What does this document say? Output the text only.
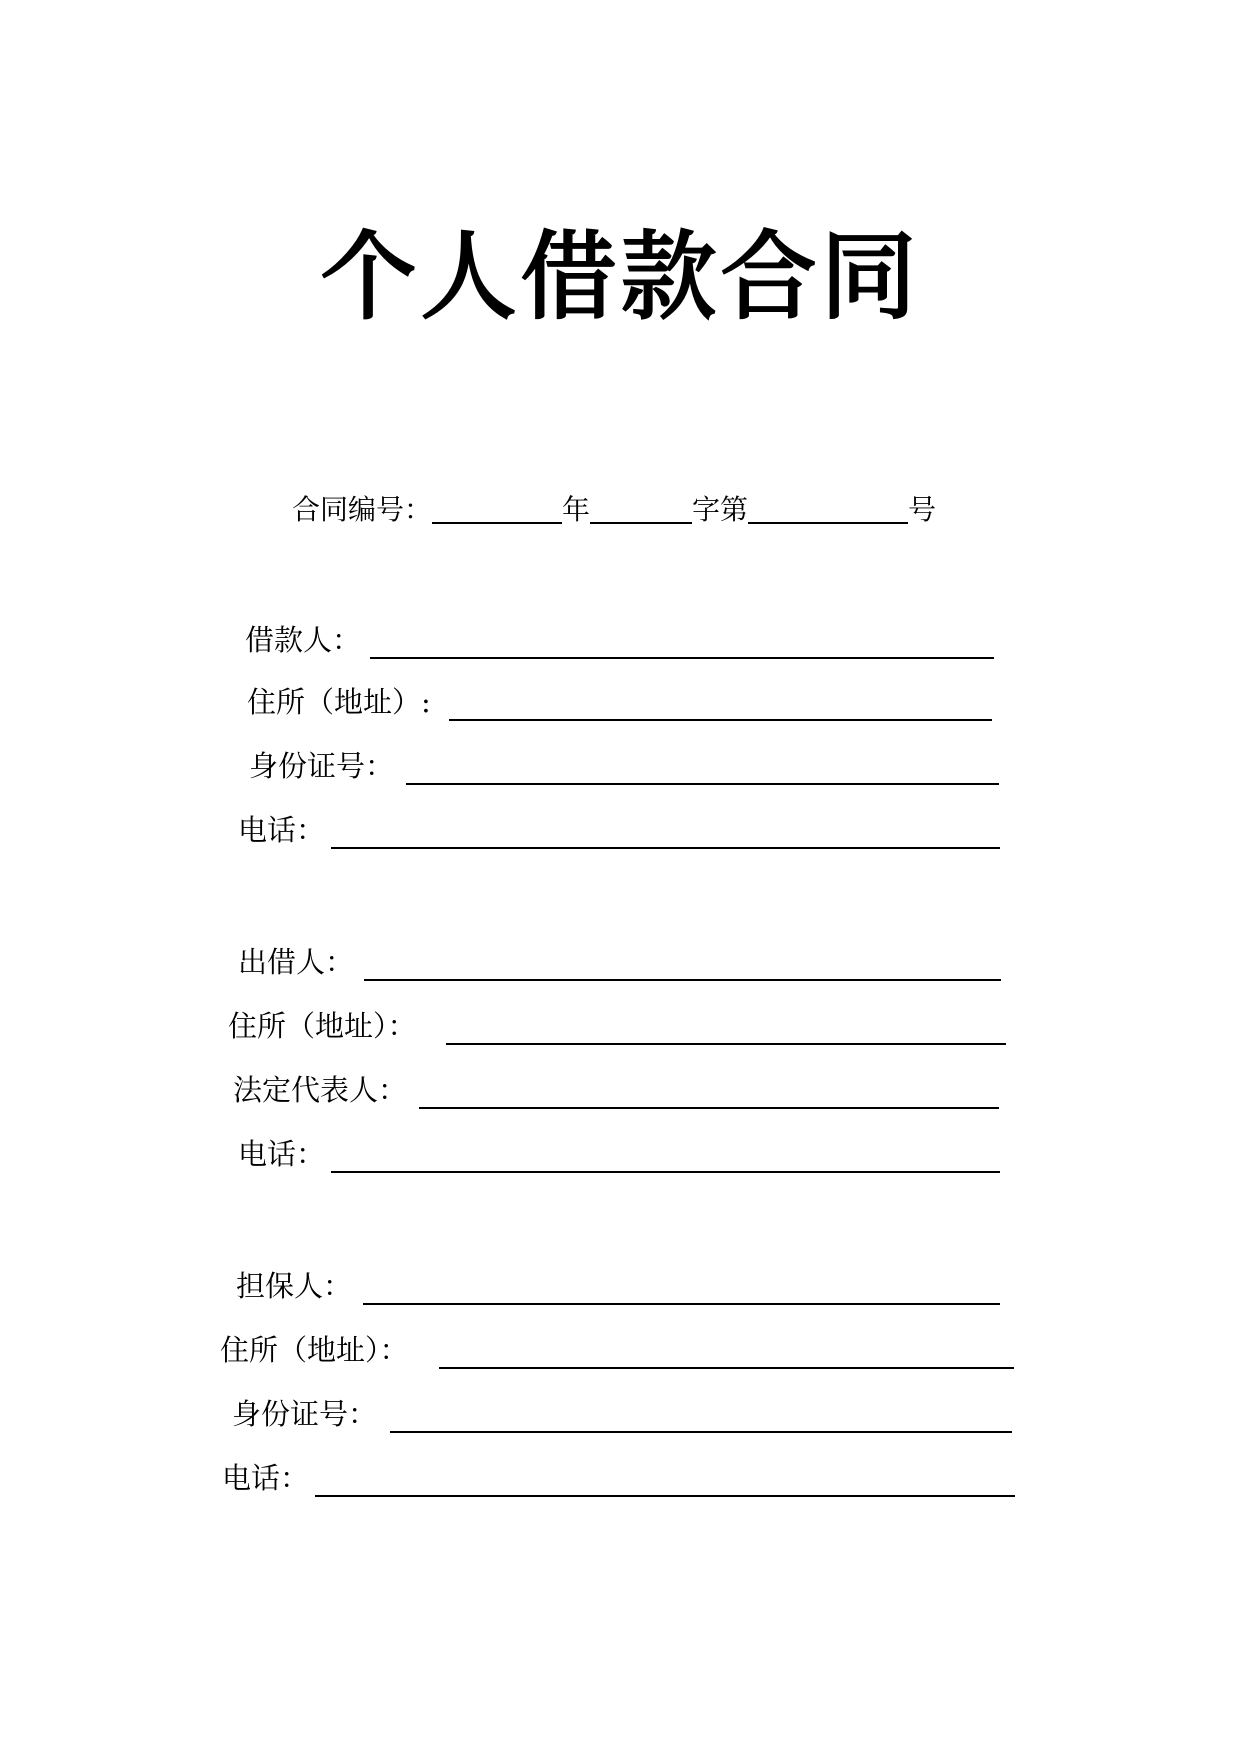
个人借款合同
合同编号：	年	字第	号
借款人：
住所（地址）:
身份证号：
电话：
出借人：
住所（地址）：
法定代表人：
电话：
担保人：
住所（地址）：
身份证号：
电话：
